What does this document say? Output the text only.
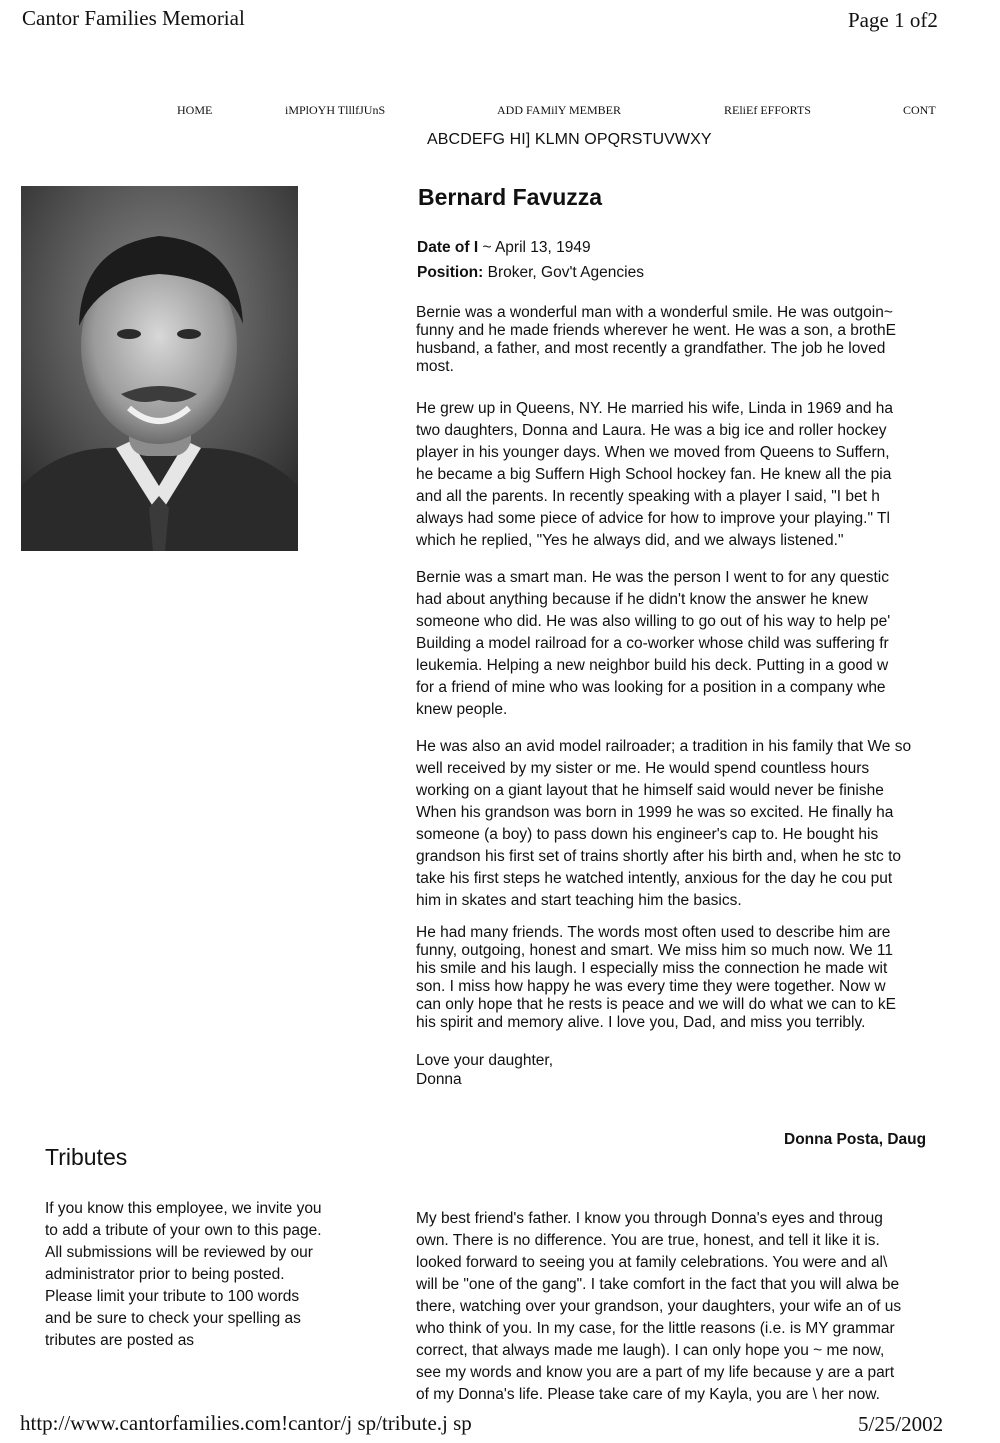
Cantor Families Memorial	Page 1 of2
HOME	iMPlOYH TlllfJUnS	ADD FAMilY MEMBER	REliEf EFFORTS	CONT
ABCDEFG HI] KLMN OPQRSTUVWXY
Bernard Favuzza
Date of I ~ April 13, 1949
Position: Broker, Gov't Agencies
Bernie was a wonderful man with a wonderful smile. He was outgoin~
funny and he made friends wherever he went. He was a son, a brothE
husband, a father, and most recently a grandfather. The job he loved
most.
He grew up in Queens, NY. He married his wife, Linda in 1969 and ha
two daughters, Donna and Laura. He was a big ice and roller hockey
player in his younger days. When we moved from Queens to Suffern,
he became a big Suffern High School hockey fan. He knew all the pia
and all the parents. In recently speaking with a player I said, "I bet h
always had some piece of advice for how to improve your playing." Tl
which he replied, "Yes he always did, and we always listened."
Bernie was a smart man. He was the person I went to for any questic
had about anything because if he didn't know the answer he knew
someone who did. He was also willing to go out of his way to help pe'
Building a model railroad for a co-worker whose child was suffering fr
leukemia. Helping a new neighbor build his deck. Putting in a good w
for a friend of mine who was looking for a position in a company whe
knew people.
He was also an avid model railroader; a tradition in his family that We so
well received by my sister or me. He would spend countless hours
working on a giant layout that he himself said would never be finishe
When his grandson was born in 1999 he was so excited. He finally ha
someone (a boy) to pass down his engineer's cap to. He bought his
grandson his first set of trains shortly after his birth and, when he stc to
take his first steps he watched intently, anxious for the day he cou put
him in skates and start teaching him the basics.
He had many friends. The words most often used to describe him are
funny, outgoing, honest and smart. We miss him so much now. We 11
his smile and his laugh. I especially miss the connection he made wit
son. I miss how happy he was every time they were together. Now w
can only hope that he rests is peace and we will do what we can to kE
his spirit and memory alive. I love you, Dad, and miss you terribly.
Love your daughter,
Donna
Tributes
If you know this employee, we invite you
to add a tribute of your own to this page.
All submissions will be reviewed by our
administrator prior to being posted.
Please limit your tribute to 100 words
and be sure to check your spelling as
tributes are posted as
Donna Posta, Daug
My best friend's father. I know you through Donna's eyes and throug
own. There is no difference. You are true, honest, and tell it like it is.
looked forward to seeing you at family celebrations. You were and al\
will be "one of the gang". I take comfort in the fact that you will alwa be
there, watching over your grandson, your daughters, your wife an of us
who think of you. In my case, for the little reasons (i.e. is MY grammar
correct, that always made me laugh). I can only hope you ~ me now,
see my words and know you are a part of my life because y are a part
of my Donna's life. Please take care of my Kayla, you are \ her now.
http://www.cantorfamilies.com!cantor/j sp/tribute.j sp	5/25/2002
